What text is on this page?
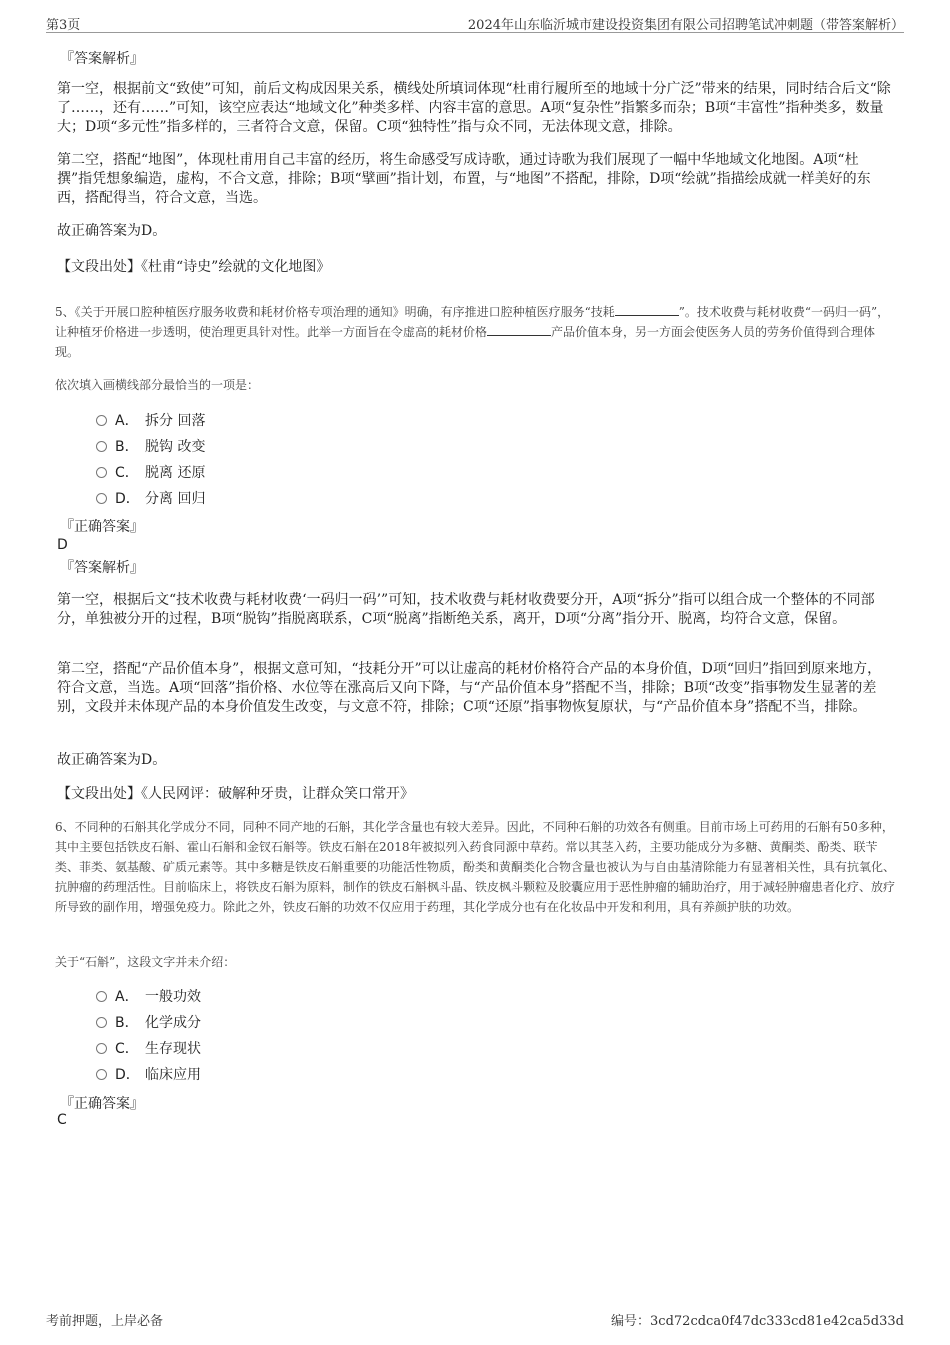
第3页	2024年山东临沂城市建设投资集团有限公司招聘笔试冲刺题（带答案解析）
『答案解析』
第一空，根据前文“致使”可知，前后文构成因果关系，横线处所填词体现“杜甫行履所至的地域十分广泛”带来的结果，同时结合后文“除了……，还有……”可知，该空应表达“地域文化”种类多样、内容丰富的意思。A项“复杂性”指繁多而杂；B项“丰富性”指种类多，数量大；D项“多元性”指多样的，三者符合文意，保留。C项“独特性”指与众不同，无法体现文意，排除。
第二空，搭配“地图”，体现杜甫用自己丰富的经历，将生命感受写成诗歌，通过诗歌为我们展现了一幅中华地域文化地图。A项“杜撰”指凭想象编造，虚构，不合文意，排除；B项“擘画”指计划，布置，与“地图”不搭配，排除，D项“绘就”指描绘成就一样美好的东西，搭配得当，符合文意，当选。
故正确答案为D。
【文段出处】《杜甫“诗史”绘就的文化地图》
5、《关于开展口腔种植医疗服务收费和耗材价格专项治理的通知》明确，有序推进口腔种植医疗服务“技耗	”。技术收费与耗材收费“一码归一码”，让种植牙价格进一步透明，使治理更具针对性。此举一方面旨在令虚高的耗材价格	产品价值本身，另一方面会使医务人员的劳务价值得到合理体现。
依次填入画横线部分最恰当的一项是：
A． 拆分 回落
B． 脱钩 改变
C． 脱离 还原
D． 分离 回归
『正确答案』
D
『答案解析』
第一空，根据后文“技术收费与耗材收费‘一码归一码’”可知，技术收费与耗材收费要分开，A项“拆分”指可以组合成一个整体的不同部分，单独被分开的过程，B项“脱钩”指脱离联系，C项“脱离”指断绝关系，离开，D项“分离”指分开、脱离，均符合文意，保留。
第二空，搭配“产品价值本身”，根据文意可知，“技耗分开”可以让虚高的耗材价格符合产品的本身价值，D项“回归”指回到原来地方，符合文意，当选。A项“回落”指价格、水位等在涨高后又向下降，与“产品价值本身”搭配不当，排除；B项“改变”指事物发生显著的差别，文段并未体现产品的本身价值发生改变，与文意不符，排除；C项“还原”指事物恢复原状，与“产品价值本身”搭配不当，排除。
故正确答案为D。
【文段出处】《人民网评：破解种牙贵，让群众笑口常开》
6、不同种的石斛其化学成分不同，同种不同产地的石斛，其化学含量也有较大差异。因此，不同种石斛的功效各有侧重。目前市场上可药用的石斛有50多种，其中主要包括铁皮石斛、霍山石斛和金钗石斛等。铁皮石斛在2018年被拟列入药食同源中草药。常以其茎入药，主要功能成分为多糖、黄酮类、酚类、联苄类、菲类、氨基酸、矿质元素等。其中多糖是铁皮石斛重要的功能活性物质，酚类和黄酮类化合物含量也被认为与自由基清除能力有显著相关性，具有抗氧化、抗肿瘤的药理活性。目前临床上，将铁皮石斛为原料，制作的铁皮石斛枫斗晶、铁皮枫斗颗粒及胶囊应用于恶性肿瘤的辅助治疗，用于减轻肿瘤患者化疗、放疗所导致的副作用，增强免疫力。除此之外，铁皮石斛的功效不仅应用于药理，其化学成分也有在化妆品中开发和利用，具有养颜护肤的功效。
关于“石斛”，这段文字并未介绍：
A． 一般功效
B． 化学成分
C． 生存现状
D． 临床应用
『正确答案』
C
考前押题，上岸必备	编号：3cd72cdca0f47dc333cd81e42ca5d33d
